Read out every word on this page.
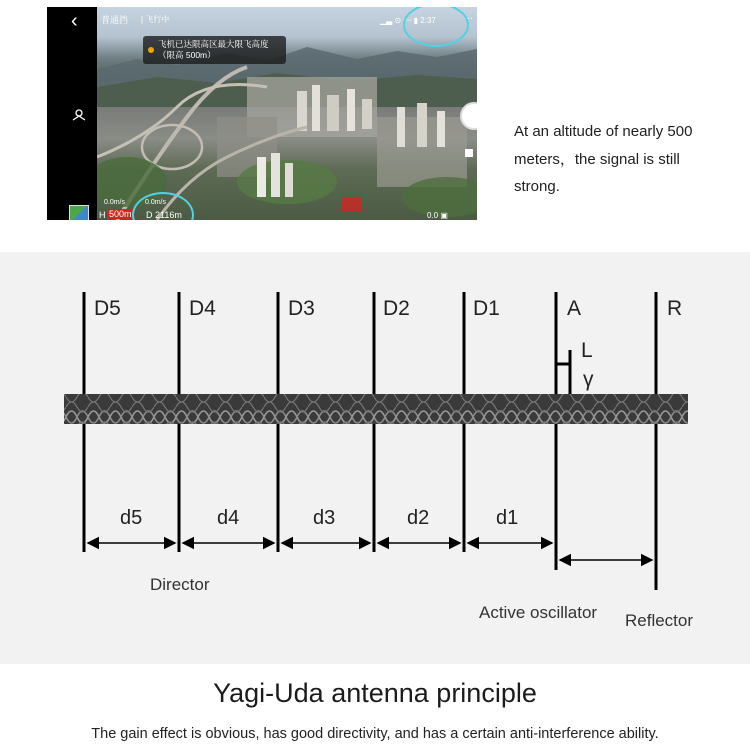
‹	普通挡 | 飞行中
飞机已达限高区最大限飞高度（限高 500m）
▁▃ ⊙ 〰 ▮ 2:37	···
0.0m/s	0.0m/s
H 500m D 2116m	0.0 ▣
At an altitude of nearly 500 meters，the signal is still strong.
D5	D4	D3	D2	D1	A	R
L
γ
d5	d4	d3	d2	d1
Director
Active oscillator Reflector
Yagi-Uda antenna principle
The gain effect is obvious, has good directivity, and has a certain anti-interference ability.
